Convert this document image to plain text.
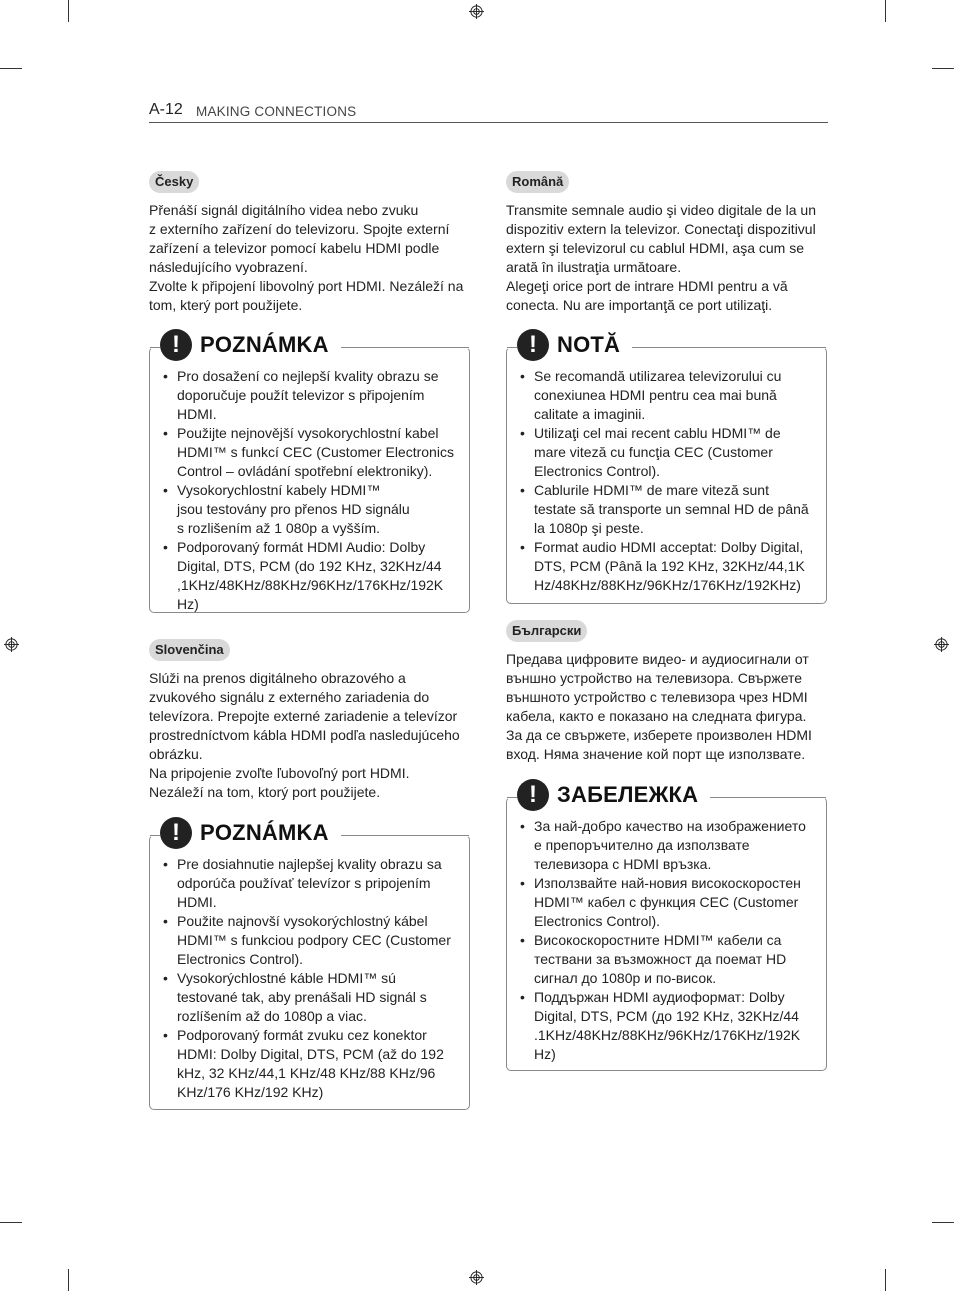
A-12 MAKING CONNECTIONS
Česky

Přenáší signál digitálního videa nebo zvuku

z externího zařízení do televizoru. Spojte externí

zařízení a televizor pomocí kabelu HDMI podle

následujícího vyobrazení.

Zvolte k připojení libovolný port HDMI. Nezáleží na

tom, který port použijete.

! POZNÁMKA
• Pro dosažení co nejlepší kvality obrazu se
doporučuje použít televizor s připojením
HDMI.
• Použijte nejnovější vysokorychlostní kabel
HDMI™ s funkcí CEC (Customer Electronics
Control – ovládání spotřební elektroniky).
• Vysokorychlostní kabely HDMI™
jsou testovány pro přenos HD signálu
s rozlišením až 1 080p a vyšším.
• Podporovaný formát HDMI Audio: Dolby
Digital, DTS, PCM (do 192 KHz, 32KHz/44
,1KHz/48KHz/88KHz/96KHz/176KHz/192K
Hz)
Slovenčina

Slúži na prenos digitálneho obrazového a

zvukového signálu z externého zariadenia do

televízora. Prepojte externé zariadenie a televízor

prostredníctvom kábla HDMI podľa nasledujúceho

obrázku.

Na pripojenie zvoľte ľubovoľný port HDMI.

Nezáleží na tom, ktorý port použijete.

! POZNÁMKA
• Pre dosiahnutie najlepšej kvality obrazu sa
odporúča používať televízor s pripojením
HDMI.
• Použite najnovší vysokorýchlostný kábel
HDMI™ s funkciou podpory CEC (Customer
Electronics Control).
• Vysokorýchlostné káble HDMI™ sú
testované tak, aby prenášali HD signál s
rozlíšením až do 1080p a viac.
• Podporovaný formát zvuku cez konektor
HDMI: Dolby Digital, DTS, PCM (až do 192
kHz, 32 KHz/44,1 KHz/48 KHz/88 KHz/96
KHz/176 KHz/192 KHz)
Română

Transmite semnale audio şi video digitale de la un

dispozitiv extern la televizor. Conectaţi dispozitivul

extern şi televizorul cu cablul HDMI, aşa cum se

arată în ilustraţia următoare.

Alegeţi orice port de intrare HDMI pentru a vă

conecta. Nu are importanţă ce port utilizaţi.

! NOTĂ
• Se recomandă utilizarea televizorului cu
conexiunea HDMI pentru cea mai bună
calitate a imaginii.
• Utilizaţi cel mai recent cablu HDMI™ de
mare viteză cu funcţia CEC (Customer
Electronics Control).
• Cablurile HDMI™ de mare viteză sunt
testate să transporte un semnal HD de până
la 1080p şi peste.
• Format audio HDMI acceptat: Dolby Digital,
DTS, PCM (Până la 192 KHz, 32KHz/44,1K
Hz/48KHz/88KHz/96KHz/176KHz/192KHz)
Български

Предава цифровите видео- и аудиосигнали от

външно устройство на телевизора. Свържете

външното устройство с телевизора чрез HDMI

кабела, както е показано на следната фигура.

За да се свържете, изберете произволен HDMI

вход. Няма значение кой порт ще използвате.

! ЗАБЕЛЕЖКА
• За най-добро качество на изображението
е препоръчително да използвате
телевизора с HDMI връзка.
• Използвайте най-новия високоскоростен
HDMI™ кабел с функция CEC (Customer
Electronics Control).
• Високоскоростните HDMI™ кабели са
тествани за възможност да поемат HD
сигнал до 1080p и по-висок.
• Поддържан HDMI аудиоформат: Dolby
Digital, DTS, PCM (до 192 KHz, 32KHz/44
.1KHz/48KHz/88KHz/96KHz/176KHz/192K
Hz)
